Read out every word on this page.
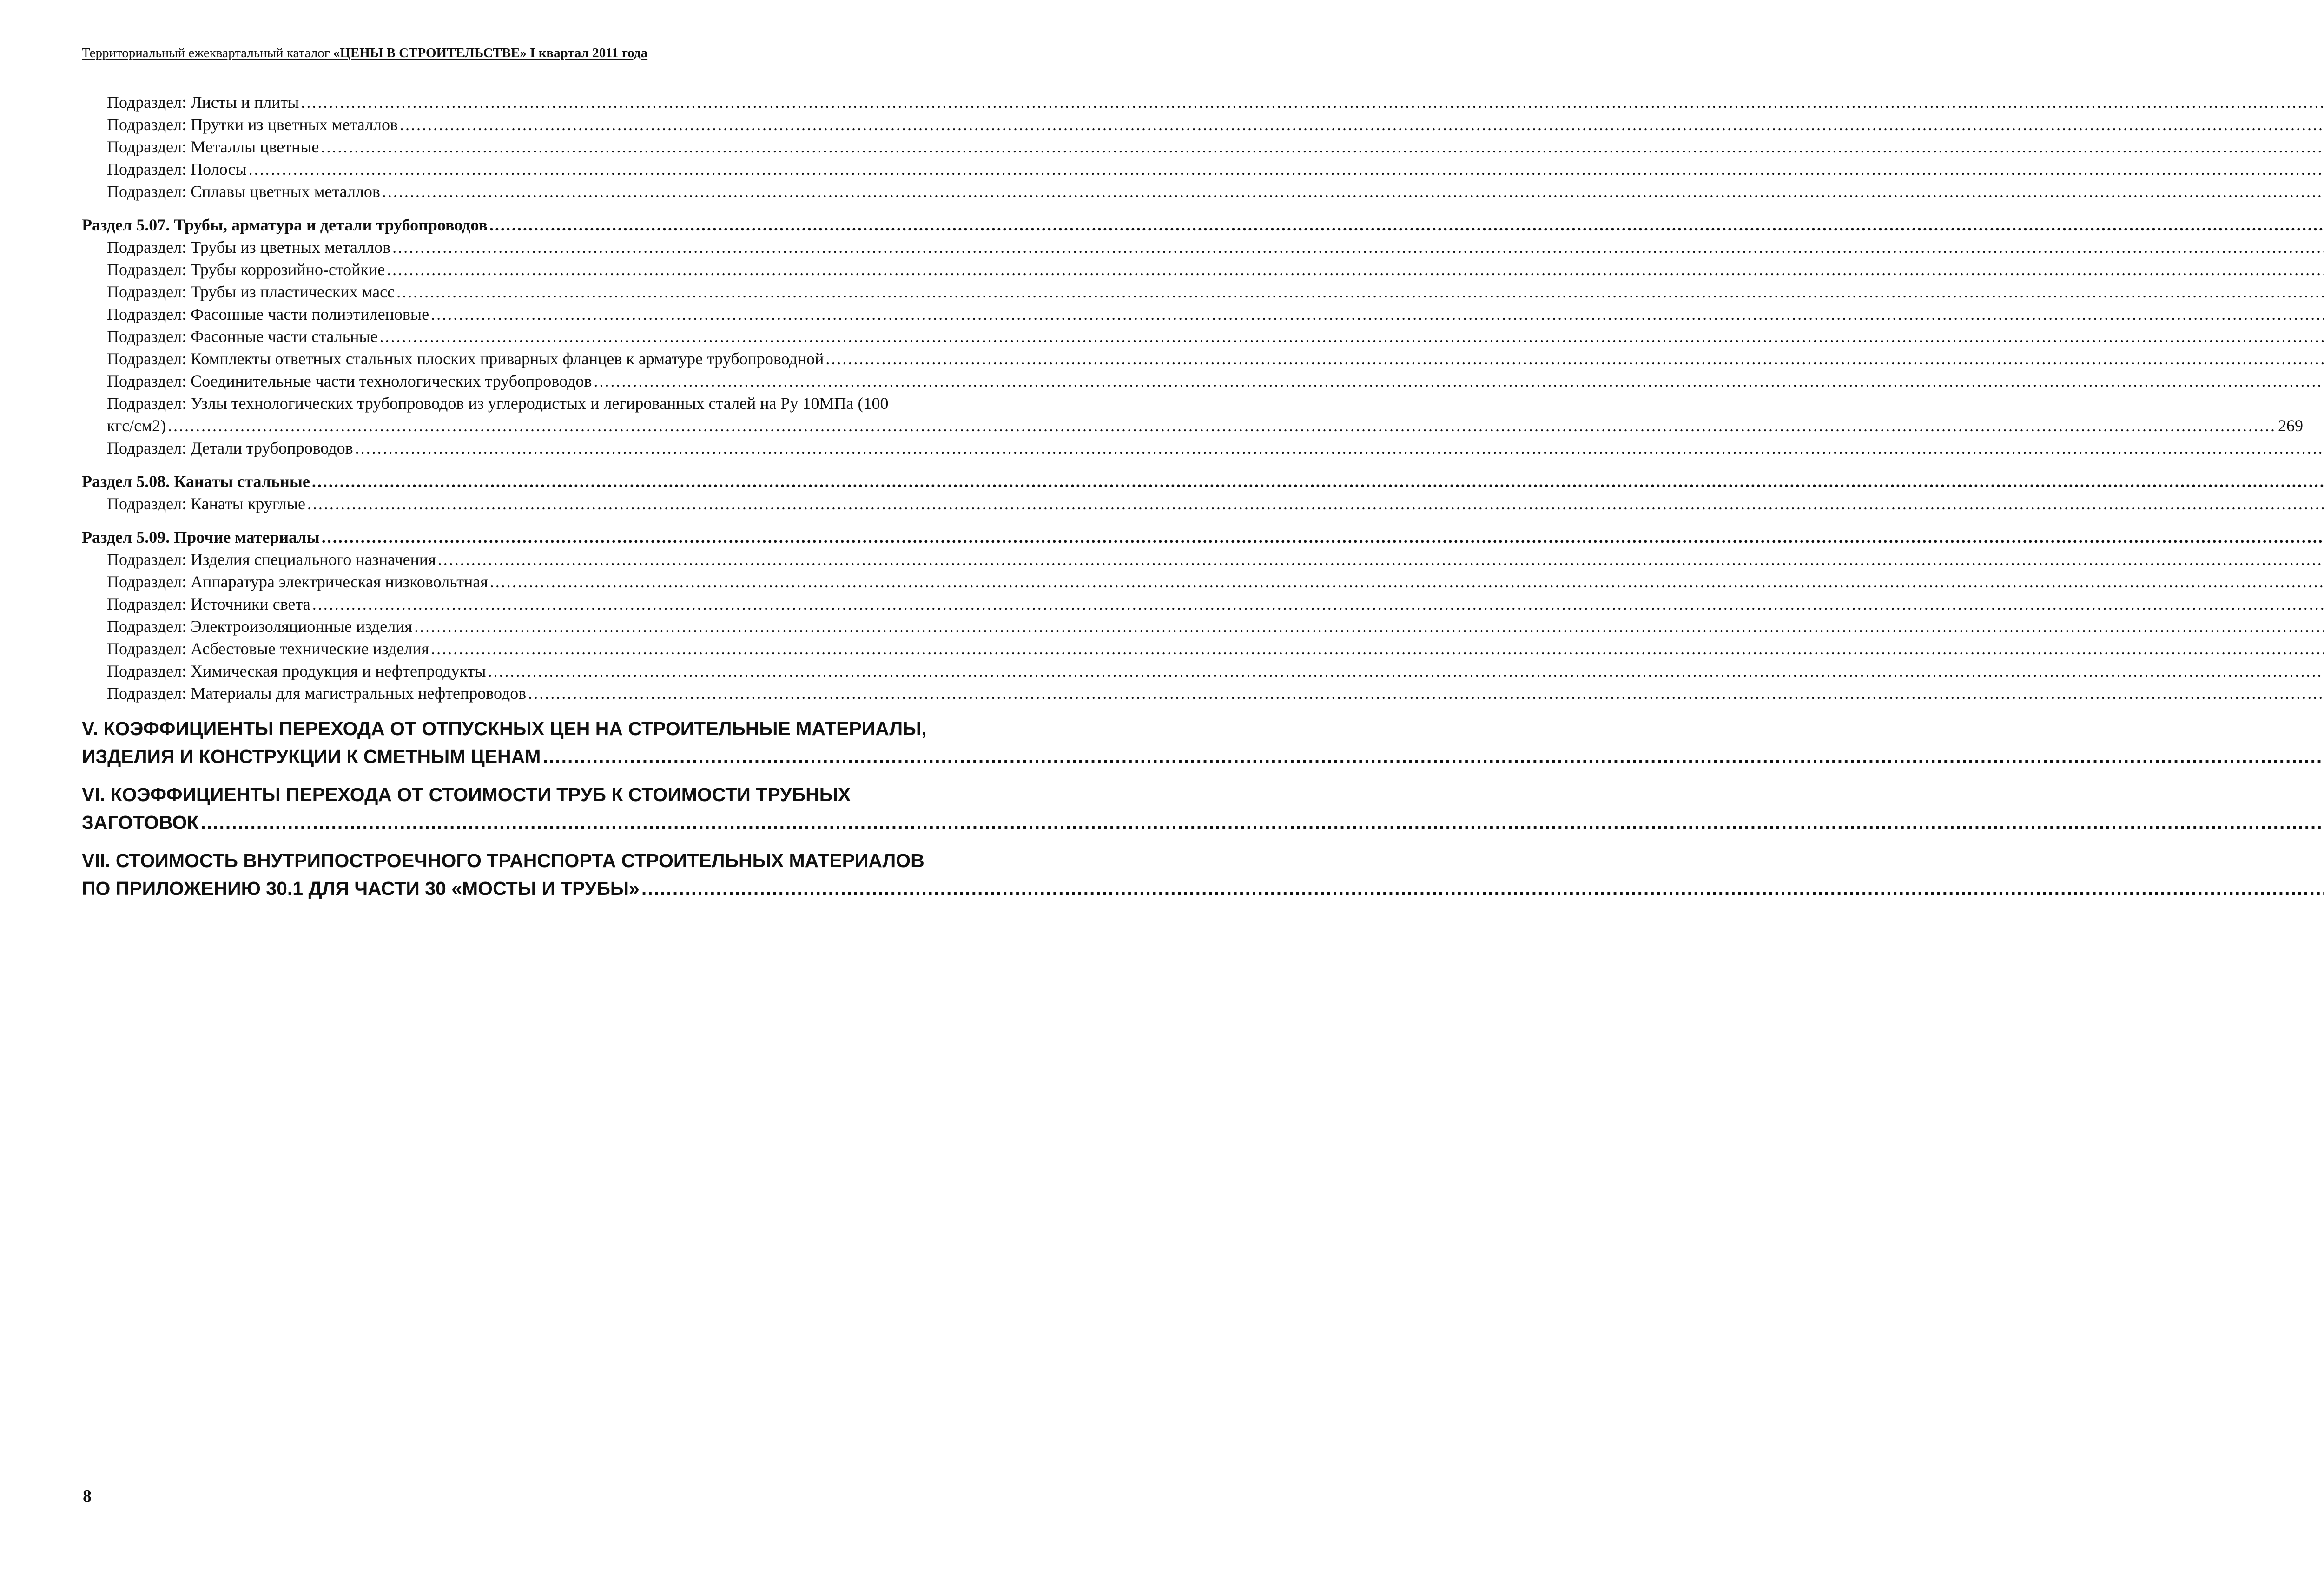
Территориальный ежеквартальный каталог «ЦЕНЫ В СТРОИТЕЛЬСТВЕ» I квартал 2011 года
Подраздел: Листы и плиты
.....
Подраздел: Прутки из цветных металлов
.....
Подраздел: Металлы цветные
.....
Подраздел: Полосы
.....
Подраздел: Сплавы цветных металлов
.....
Раздел 5.07. Трубы, арматура и детали трубопроводов
.....
Подраздел: Трубы из цветных металлов
.....
Подраздел: Трубы коррозийно-стойкие
.....
Подраздел: Трубы из пластических масс
.....
Подраздел: Фасонные части полиэтиленовые
.....
Подраздел: Фасонные части стальные
.....
Подраздел: Комплекты ответных стальных плоских приварных фланцев к арматуре трубопроводной
.....
Подраздел: Соединительные части технологических трубопроводов
.....
Подраздел: Узлы технологических трубопроводов из углеродистых и легированных сталей на Ру 10МПа (100
кгс/см2)
.....	269
Подраздел: Детали трубопроводов
.....
Раздел 5.08. Канаты стальные
.....
Подраздел: Канаты круглые
.....
Раздел 5.09. Прочие материалы
.....
Подраздел: Изделия специального назначения
.....
Подраздел: Аппаратура электрическая низковольтная
.....
Подраздел: Источники света
.....
Подраздел: Электроизоляционные изделия
.....
Подраздел: Асбестовые технические изделия
.....
Подраздел: Химическая продукция и нефтепродукты
.....
Подраздел: Материалы для магистральных нефтепроводов
.....
V. КОЭФФИЦИЕНТЫ ПЕРЕХОДА ОТ ОТПУСКНЫХ ЦЕН НА СТРОИТЕЛЬНЫЕ МАТЕРИАЛЫ,
ИЗДЕЛИЯ И КОНСТРУКЦИИ К СМЕТНЫМ ЦЕНАМ
.....
VI. КОЭФФИЦИЕНТЫ ПЕРЕХОДА ОТ СТОИМОСТИ ТРУБ К СТОИМОСТИ ТРУБНЫХ
ЗАГОТОВОК
.....
VII. СТОИМОСТЬ ВНУТРИПОСТРОЕЧНОГО ТРАНСПОРТА СТРОИТЕЛЬНЫХ МАТЕРИАЛОВ
ПО ПРИЛОЖЕНИЮ 30.1 ДЛЯ ЧАСТИ 30 «МОСТЫ И ТРУБЫ»
.....
8
